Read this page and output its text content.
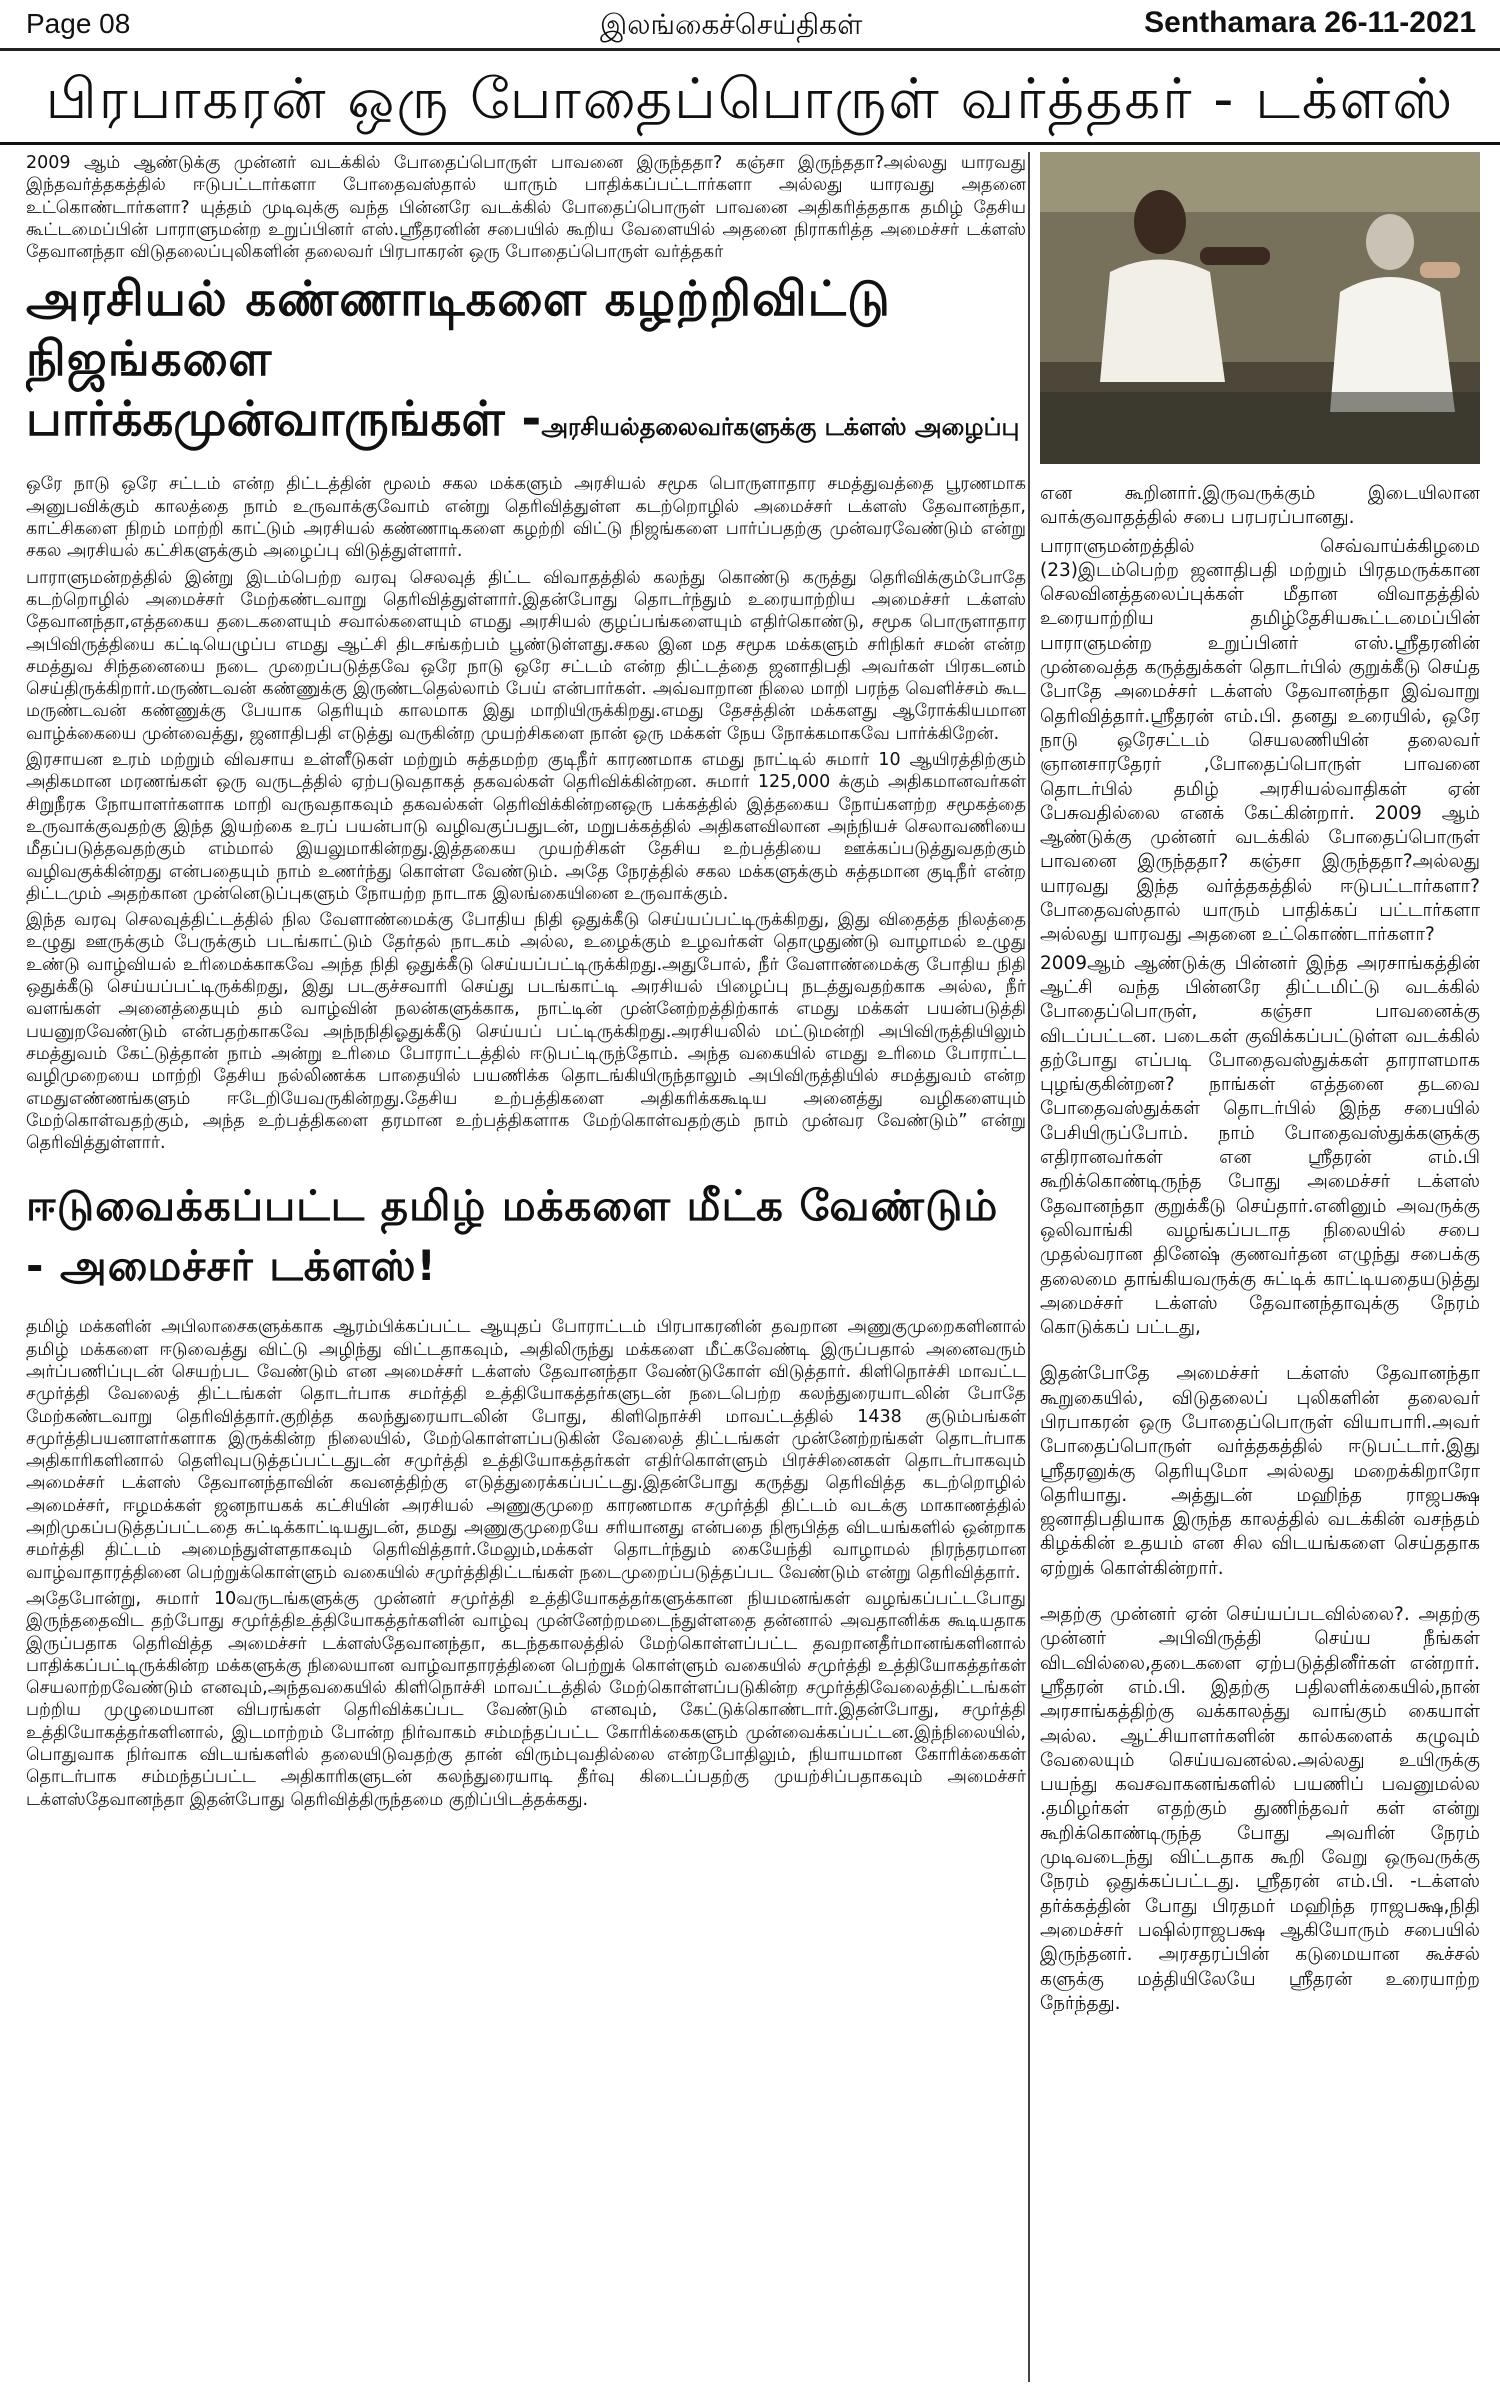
Page 08	இலங்கைச்செய்திகள்	Senthamara 26-11-2021
பிரபாகரன் ஒரு போதைப்பொருள் வர்த்தகர் - டக்ளஸ்

2009 ஆம் ஆண்டுக்கு முன்னர் வடக்கில் போதைப்பொருள் பாவனை இருந்ததா? கஞ்சா இருந்ததா?அல்லது யாரவது இந்தவர்த்தகத்தில் ஈடுபட்டார்களா போதைவஸ்தால் யாரும் பாதிக்கப்பட்டார்களா அல்லது யாரவது அதனை உட்கொண்டார்களா? யுத்தம் முடிவுக்கு வந்த பின்னரே வடக்கில் போதைப்பொருள் பாவனை அதிகரித்ததாக தமிழ் தேசிய கூட்டமைப்பின் பாராளுமன்ற உறுப்பினர் எஸ்.ஸ்ரீதரனின் சபையில் கூறிய வேளையில் அதனை நிராகரித்த அமைச்சர் டக்ளஸ் தேவானந்தா விடுதலைப்புலிகளின் தலைவர் பிரபாகரன் ஒரு போதைப்பொருள் வர்த்தகர்

அரசியல் கண்ணாடிகளை கழற்றிவிட்டு நிஜங்களை
பார்க்கமுன்வாருங்கள் -அரசியல்தலைவர்களுக்கு டக்ளஸ் அழைப்பு

ஒரே நாடு ஒரே சட்டம் என்ற திட்டத்தின் மூலம் சகல மக்களும் அரசியல் சமூக பொருளாதார சமத்துவத்தை பூரணமாக அனுபவிக்கும் காலத்தை நாம் உருவாக்குவோம் என்று தெரிவித்துள்ள கடற்றொழில் அமைச்சர் டக்ளஸ் தேவானந்தா, காட்சிகளை நிறம் மாற்றி காட்டும் அரசியல் கண்ணாடிகளை கழற்றி விட்டு நிஜங்களை பார்ப்பதற்கு முன்வரவேண்டும் என்று சகல அரசியல் கட்சிகளுக்கும் அழைப்பு விடுத்துள்ளார்.

பாராளுமன்றத்தில் இன்று இடம்பெற்ற வரவு செலவுத் திட்ட விவாதத்தில் கலந்து கொண்டு கருத்து தெரிவிக்கும்போதே கடற்றொழில் அமைச்சர் மேற்கண்டவாறு தெரிவித்துள்ளார்.இதன்போது தொடர்ந்தும் உரையாற்றிய அமைச்சர் டக்ளஸ் தேவானந்தா,எத்தகைய தடைகளையும் சவால்களையும் எமது அரசியல் குழப்பங்களையும் எதிர்கொண்டு, சமூக பொருளாதார அபிவிருத்தியை கட்டியெழுப்ப எமது ஆட்சி திடசங்கற்பம் பூண்டுள்ளது.சகல இன மத சமூக மக்களும் சரிநிகர் சமன் என்ற சமத்துவ சிந்தனையை நடை முறைப்படுத்தவே ஒரே நாடு ஒரே சட்டம் என்ற திட்டத்தை ஜனாதிபதி அவர்கள் பிரகடனம் செய்திருக்கிறார்.மருண்டவன் கண்ணுக்கு இருண்டதெல்லாம் பேய் என்பார்கள். அவ்வாறான நிலை மாறி பரந்த வெளிச்சம் கூட மருண்டவன் கண்ணுக்கு பேயாக தெரியும் காலமாக இது மாறியிருக்கிறது.எமது தேசத்தின் மக்களது ஆரோக்கியமான வாழ்க்கையை முன்வைத்து, ஜனாதிபதி எடுத்து வருகின்ற முயற்சிகளை நான் ஒரு மக்கள் நேய நோக்கமாகவே பார்க்கிறேன்.

இரசாயன உரம் மற்றும் விவசாய உள்ளீடுகள் மற்றும் சுத்தமற்ற குடிநீர் காரணமாக எமது நாட்டில் சுமார் 10 ஆயிரத்திற்கும் அதிகமான மரணங்கள் ஒரு வருடத்தில் ஏற்படுவதாகத் தகவல்கள் தெரிவிக்கின்றன. சுமார் 125,000 க்கும் அதிகமானவர்கள் சிறுநீரக நோயாளர்களாக மாறி வருவதாகவும் தகவல்கள் தெரிவிக்கின்றனஒரு பக்கத்தில் இத்தகைய நோய்களற்ற சமூகத்தை உருவாக்குவதற்கு இந்த இயற்கை உரப் பயன்பாடு வழிவகுப்பதுடன், மறுபக்கத்தில் அதிகளவிலான அந்நியச் செலாவணியை மீதப்படுத்தவதற்கும் எம்மால் இயலுமாகின்றது.இத்தகைய முயற்சிகள் தேசிய உற்பத்தியை ஊக்கப்படுத்துவதற்கும் வழிவகுக்கின்றது என்பதையும் நாம் உணர்ந்து கொள்ள வேண்டும். அதே நேரத்தில் சகல மக்களுக்கும் சுத்தமான குடிநீர் என்ற திட்டமும் அதற்கான முன்னெடுப்புகளும் நோயற்ற நாடாக இலங்கையினை உருவாக்கும்.

இந்த வரவு செலவுத்திட்டத்தில் நில வேளாண்மைக்கு போதிய நிதி ஒதுக்கீடு செய்யப்பட்டிருக்கிறது, இது விதைத்த நிலத்தை உழுது ஊருக்கும் பேருக்கும் படங்காட்டும் தேர்தல் நாடகம் அல்ல, உழைக்கும் உழவர்கள் தொழுதுண்டு வாழாமல் உழுது உண்டு வாழ்வியல் உரிமைக்காகவே அந்த நிதி ஒதுக்கீடு செய்யப்பட்டிருக்கிறது.அதுபோல், நீர் வேளாண்மைக்கு போதிய நிதி ஒதுக்கீடு செய்யப்பட்டிருக்கிறது, இது படகுச்சவாரி செய்து படங்காட்டி அரசியல் பிழைப்பு நடத்துவதற்காக அல்ல, நீர் வளங்கள் அனைத்தையும் தம் வாழ்வின் நலன்களுக்காக, நாட்டின் முன்னேற்றத்திற்காக் எமது மக்கள் பயன்படுத்தி பயனுறவேண்டும் என்பதற்காகவே அந்நநிதிஓதுக்கீடு செய்யப் பட்டிருக்கிறது.அரசியலில் மட்டுமன்றி அபிவிருத்தியிலும் சமத்துவம் கேட்டுத்தான் நாம் அன்று உரிமை போராட்டத்தில் ஈடுபட்டிருந்தோம். அந்த வகையில் எமது உரிமை போராட்ட வழிமுறையை மாற்றி தேசிய நல்லிணக்க பாதையில் பயணிக்க தொடங்கியிருந்தாலும் அபிவிருத்தியில் சமத்துவம் என்ற எமதுஎண்ணங்களும் ஈடேறியேவருகின்றது.தேசிய உற்பத்திகளை அதிகரிக்ககூடிய அனைத்து வழிகளையும் மேற்கொள்வதற்கும், அந்த உற்பத்திகளை தரமான உற்பத்திகளாக மேற்கொள்வதற்கும் நாம் முன்வர வேண்டும்” என்று தெரிவித்துள்ளார்.

ஈடுவைக்கப்பட்ட தமிழ் மக்களை மீட்க வேண்டும் - அமைச்சர் டக்ளஸ்!

தமிழ் மக்களின் அபிலாசைகளுக்காக ஆரம்பிக்கப்பட்ட ஆயுதப் போராட்டம் பிரபாகரனின் தவறான அணுகுமுறைகளினால் தமிழ் மக்களை ஈடுவைத்து விட்டு அழிந்து விட்டதாகவும், அதிலிருந்து மக்களை மீட்கவேண்டி இருப்பதால் அனைவரும் அர்ப்பணிப்புடன் செயற்பட வேண்டும் என அமைச்சர் டக்ளஸ் தேவானந்தா வேண்டுகோள் விடுத்தார். கிளிநொச்சி மாவட்ட சமுர்த்தி வேலைத் திட்டங்கள் தொடர்பாக சமர்த்தி உத்தியோகத்தர்களுடன் நடைபெற்ற கலந்துரையாடலின் போதே மேற்கண்டவாறு தெரிவித்தார்.குறித்த கலந்துரையாடலின் போது, கிளிநொச்சி மாவட்டத்தில் 1438 குடும்பங்கள் சமுர்த்திபயனாளர்களாக இருக்கின்ற நிலையில், மேற்கொள்ளப்படுகின் வேலைத் திட்டங்கள் முன்னேற்றங்கள் தொடர்பாக அதிகாரிகளினால் தெளிவுபடுத்தப்பட்டதுடன் சமுர்த்தி உத்தியோகத்தர்கள் எதிர்கொள்ளும் பிரச்சினைகள் தொடர்பாகவும் அமைச்சர் டக்ளஸ் தேவானந்தாவின் கவனத்திற்கு எடுத்துரைக்கப்பட்டது.இதன்போது கருத்து தெரிவித்த கடற்றொழில் அமைச்சர், ஈழமக்கள் ஜனநாயகக் கட்சியின் அரசியல் அணுகுமுறை காரணமாக சமுர்த்தி திட்டம் வடக்கு மாகாணத்தில் அறிமுகப்படுத்தப்பட்டதை சுட்டிக்காட்டியதுடன், தமது அணுகுமுறையே சரியானது என்பதை நிரூபித்த விடயங்களில் ஒன்றாக சமர்த்தி திட்டம் அமைந்துள்ளதாகவும் தெரிவித்தார்.மேலும்,மக்கள் தொடர்ந்தும் கையேந்தி வாழாமல் நிரந்தரமான வாழ்வாதாரத்தினை பெற்றுக்கொள்ளும் வகையில் சமுர்த்திதிட்டங்கள் நடைமுறைப்படுத்தப்பட வேண்டும் என்று தெரிவித்தார்.

அதேபோன்று, சுமார் 10வருடங்களுக்கு முன்னர் சமுர்த்தி உத்தியோகத்தர்களுக்கான நியமனங்கள் வழங்கப்பட்டபோது இருந்ததைவிட தற்போது சமுர்த்திஉத்தியோகத்தர்களின் வாழ்வு முன்னேற்றமடைந்துள்ளதை தன்னால் அவதானிக்க கூடியதாக இருப்பதாக தெரிவித்த அமைச்சர் டக்ளஸ்தேவானந்தா, கடந்தகாலத்தில் மேற்கொள்ளப்பட்ட தவறானதீர்மானங்களினால் பாதிக்கப்பட்டிருக்கின்ற மக்களுக்கு நிலையான வாழ்வாதாரத்தினை பெற்றுக் கொள்ளும் வகையில் சமுர்த்தி உத்தியோகத்தர்கள் செயலாற்றவேண்டும் எனவும்,அந்தவகையில் கிளிநொச்சி மாவட்டத்தில் மேற்கொள்ளப்படுகின்ற சமுர்த்திவேலைத்திட்டங்கள் பற்றிய முழுமையான விபரங்கள் தெரிவிக்கப்பட வேண்டும் எனவும், கேட்டுக்கொண்டார்.இதன்போது, சமுர்த்தி உத்தியோகத்தர்களினால், இடமாற்றம் போன்ற நிர்வாகம் சம்மந்தப்பட்ட கோரிக்கைகளும் முன்வைக்கப்பட்டன.இந்நிலையில், பொதுவாக நிர்வாக விடயங்களில் தலையிடுவதற்கு தான் விரும்புவதில்லை என்றபோதிலும், நியாயமான கோரிக்கைகள் தொடர்பாக சம்மந்தப்பட்ட அதிகாரிகளுடன் கலந்துரையாடி தீர்வு கிடைப்பதற்கு முயற்சிப்பதாகவும் அமைச்சர் டக்ளஸ்தேவானந்தா இதன்போது தெரிவித்திருந்தமை குறிப்பிடத்தக்கது.

என கூறினார்.இருவருக்கும் இடையிலான வாக்குவாதத்தில் சபை பரபரப்பானது.

பாராளுமன்றத்தில் செவ்வாய்க்கிழமை (23)இடம்பெற்ற ஜனாதிபதி மற்றும் பிரதமருக்கான செலவினத்தலைப்புக்கள் மீதான விவாதத்தில் உரையாற்றிய தமிழ்தேசியகூட்டமைப்பின் பாராளுமன்ற உறுப்பினர் எஸ்.ஸ்ரீதரனின் முன்வைத்த கருத்துக்கள் தொடர்பில் குறுக்கீடு செய்த போதே அமைச்சர் டக்ளஸ் தேவானந்தா இவ்வாறு தெரிவித்தார்.ஸ்ரீதரன் எம்.பி. தனது உரையில், ஒரே நாடு ஒரேசட்டம் செயலணியின் தலைவர் ஞானசாரதேரர் ,போதைப்பொருள் பாவனை தொடர்பில் தமிழ் அரசியல்வாதிகள் ஏன் பேசுவதில்லை எனக் கேட்கின்றார். 2009 ஆம் ஆண்டுக்கு முன்னர் வடக்கில் போதைப்பொருள் பாவனை இருந்ததா? கஞ்சா இருந்ததா?அல்லது யாரவது இந்த வர்த்தகத்தில் ஈடுபட்டார்களா? போதைவஸ்தால் யாரும் பாதிக்கப் பட்டார்களா அல்லது யாரவது அதனை உட்கொண்டார்களா?

2009ஆம் ஆண்டுக்கு பின்னர் இந்த அரசாங்கத்தின் ஆட்சி வந்த பின்னரே திட்டமிட்டு வடக்கில் போதைப்பொருள், கஞ்சா பாவனைக்கு விடப்பட்டன. படைகள் குவிக்கப்பட்டுள்ள வடக்கில் தற்போது எப்படி போதைவஸ்துக்கள் தாராளமாக புழங்குகின்றன? நாங்கள் எத்தனை தடவை போதைவஸ்துக்கள் தொடர்பில் இந்த சபையில் பேசியிருப்போம். நாம் போதைவஸ்துக்களுக்கு எதிரானவர்கள் என ஸ்ரீதரன் எம்.பி கூறிக்கொண்டிருந்த போது அமைச்சர் டக்ளஸ் தேவானந்தா குறுக்கீடு செய்தார்.எனினும் அவருக்கு ஒலிவாங்கி வழங்கப்படாத நிலையில் சபை முதல்வரான தினேஷ் குணவர்தன எழுந்து சபைக்கு தலைமை தாங்கியவருக்கு சுட்டிக் காட்டியதையடுத்து அமைச்சர் டக்ளஸ் தேவானந்தாவுக்கு நேரம் கொடுக்கப் பட்டது,

இதன்போதே அமைச்சர் டக்ளஸ் தேவானந்தா கூறுகையில், விடுதலைப் புலிகளின் தலைவர் பிரபாகரன் ஒரு போதைப்பொருள் வியாபாரி.அவர் போதைப்பொருள் வர்த்தகத்தில் ஈடுபட்டார்.இது ஸ்ரீதரனுக்கு தெரியுமோ அல்லது மறைக்கிறாரோ தெரியாது. அத்துடன் மஹிந்த ராஜபக்ஷ ஜனாதிபதியாக இருந்த காலத்தில் வடக்கின் வசந்தம் கிழக்கின் உதயம் என சில விடயங்களை செய்ததாக ஏற்றுக் கொள்கின்றார்.

அதற்கு முன்னர் ஏன் செய்யப்படவில்லை?. அதற்கு முன்னர் அபிவிருத்தி செய்ய நீங்கள் விடவில்லை,தடைகளை ஏற்படுத்தினீர்கள் என்றார். ஸ்ரீதரன் எம்.பி. இதற்கு பதிலளிக்கையில்,நான் அரசாங்கத்திற்கு வக்காலத்து வாங்கும் கையாள் அல்ல. ஆட்சியாளர்களின் கால்களைக் கழுவும் வேலையும் செய்யவனல்ல.அல்லது உயிருக்கு பயந்து கவசவாகனங்களில் பயணிப் பவனுமல்ல .தமிழர்கள் எதற்கும் துணிந்தவர் கள் என்று கூறிக்கொண்டிருந்த போது அவரின் நேரம் முடிவடைந்து விட்டதாக கூறி வேறு ஒருவருக்கு நேரம் ஒதுக்கப்பட்டது. ஸ்ரீதரன் எம்.பி. -டக்ளஸ் தர்க்கத்தின் போது பிரதமர் மஹிந்த ராஜபக்ஷ,நிதி அமைச்சர் பஷில்ராஜபக்ஷ ஆகியோரும் சபையில் இருந்தனர். அரசதரப்பின் கடுமையான கூச்சல் களுக்கு மத்தியிலேயே ஸ்ரீதரன் உரையாற்ற நேர்ந்தது.
